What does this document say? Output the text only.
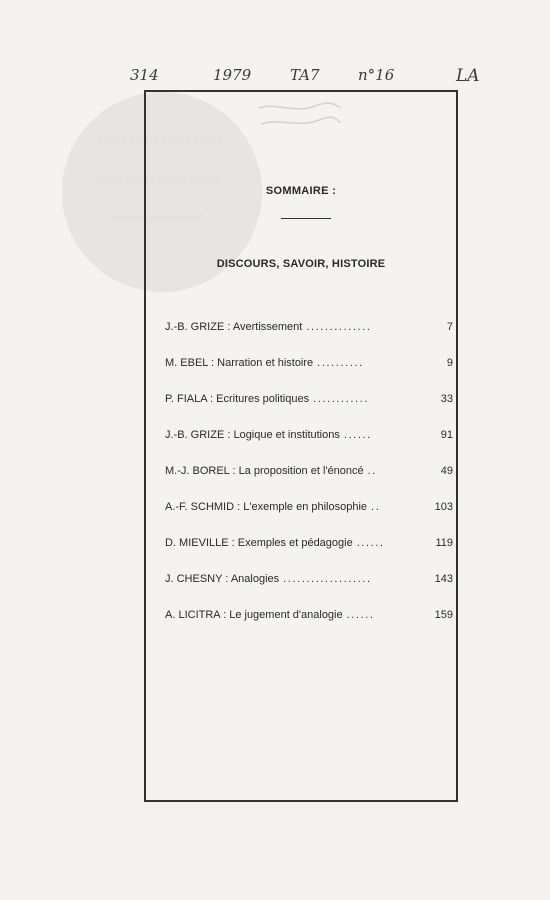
▬▬▬▬
▬▬▬▬
▬▬▬
314	1979	TA7	n°16	LA
SOMMAIRE :
DISCOURS, SAVOIR, HISTOIRE
J.-B. GRIZE : Avertissement ..............	7
M. EBEL : Narration et histoire ..........	9
P. FIALA : Ecritures politiques ............	33
J.-B. GRIZE : Logique et institutions ......	91
M.-J. BOREL : La proposition et l'énoncé ..	49
A.-F. SCHMID : L'exemple en philosophie ..	103
D. MIEVILLE : Exemples et pédagogie ......	119
J. CHESNY : Analogies ...................	143
A. LICITRA : Le jugement d'analogie ......	159
